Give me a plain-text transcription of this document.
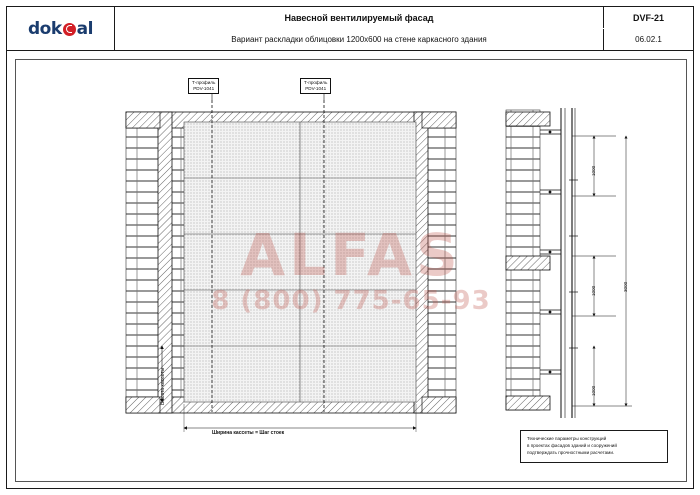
dok al
Навесной вентилируемый фасад
Вариант раскладки облицовки 1200x600 на стене каркасного здания
DVF-21
06.02.1
ALFAS
8 (800) 775-65-93
Т-профиль
PDV-1041
Т-профиль
PDV-1041
Высота кассеты
Ширина кассеты = Шаг стоек
1000
1000
1000
3000
Технические параметры конструкций
в проектах фасадов зданий и сооружений
подтверждать прочностными расчетами.
